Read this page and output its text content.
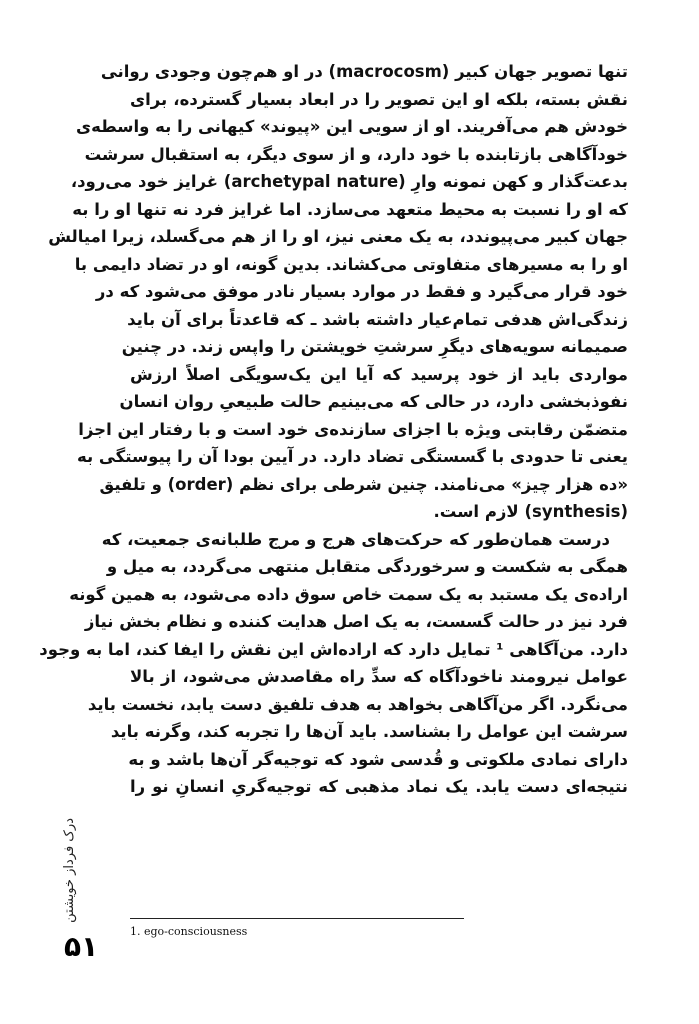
تنها تصویر جهان کبیر (macrocosm) در او هم‌چون وجودی روانی
نقش بسته، بلکه او این تصویر را در ابعاد بسیار گسترده، برای
خودش هم می‌آفریند. او از سویی این «پیوند» کیهانی را به واسطه‌ی
خودآگاهی بازتابنده با خود دارد، و از سوی دیگر، به استقبال سرشت
بدعت‌گذار و کهن نمونه وارِ (archetypal nature) غرایز خود می‌رود،
که او را نسبت به محیط متعهد می‌سازد. اما غرایز فرد نه تنها او را به
جهان کبیر می‌پیوندد، به یک معنی نیز، او را از هم می‌گسلد، زیرا امیالش
او را به مسیرهای متفاوتی می‌کشاند. بدین گونه، او در تضاد دایمی با
خود قرار می‌گیرد و فقط در موارد بسیار نادر موفق می‌شود که در
زندگی‌اش هدفی تمام‌عیار داشته باشد ـ که قاعدتاً برای آن باید
صمیمانه سویه‌های دیگرِ سرشتِ خویشتن را واپس زند. در چنین
مواردی باید از خود پرسید که آیا این یک‌سویگی اصلاً ارزش
نفوذبخشی دارد، در حالی که می‌بینیم حالت طبیعیِ روان انسان
متضمّن رقابتی ویژه با اجزای سازنده‌ی خود است و با رفتار این اجزا
یعنی تا حدودی با گسستگی تضاد دارد. در آیین بودا آن را پیوستگی به
«ده هزار چیز» می‌نامند. چنین شرطی برای نظم (order) و تلفیق
(synthesis) لازم است.
درست همان‌طور که حرکت‌های هرج و مرج طلبانه‌ی جمعیت، که
همگی به شکست و سرخوردگی متقابل منتهی می‌گردد، به میل و
اراده‌ی یک مستبد به یک سمت خاص سوق داده می‌شود، به همین گونه
فرد نیز در حالت گسست، به یک اصل هدایت کننده و نظام بخش نیاز
دارد. من‌آگاهی ¹ تمایل دارد که اراده‌اش این نقش را ایفا کند، اما به وجود
عوامل نیرومند ناخودآگاه که سدِّ راه مقاصدش می‌شود، از بالا
می‌نگرد. اگر من‌آگاهی بخواهد به هدف تلفیق دست یابد، نخست باید
سرشت این عوامل را بشناسد. باید آن‌ها را تجربه کند، وگرنه باید
دارای نمادی ملکوتی و قُدسی شود که توجیه‌گر آن‌ها باشد و به
نتیجه‌ای دست یابد. یک نماد مذهبی که توجیه‌گریِ انسانِ نو را
1. ego-consciousness
درک فرداز خویشتن
۵۱
